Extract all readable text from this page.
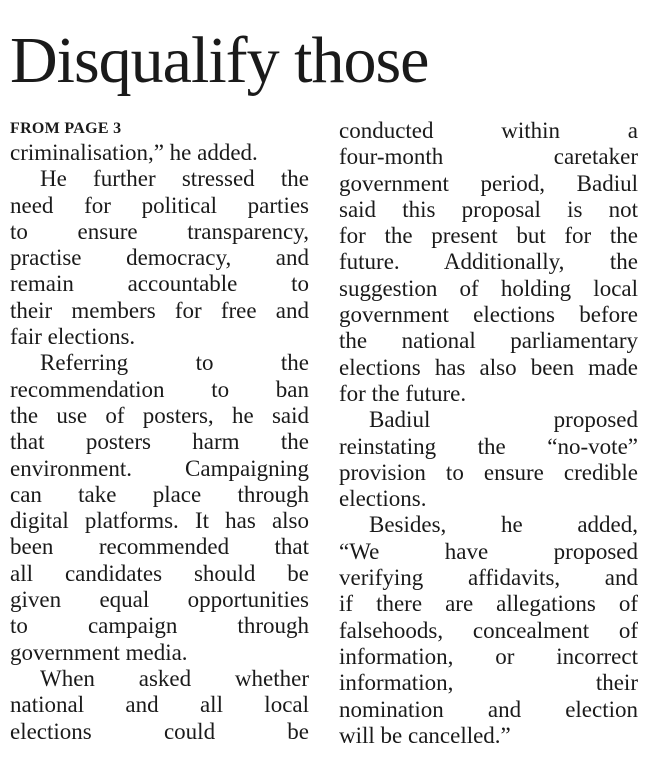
Disqualify those
FROM PAGE 3
criminalisation,” he added.
He further stressed the
need for political parties
to ensure transparency,
practise democracy, and
remain accountable to
their members for free and
fair elections.
Referring to the
recommendation to ban
the use of posters, he said
that posters harm the
environment. Campaigning
can take place through
digital platforms. It has also
been recommended that
all candidates should be
given equal opportunities
to campaign through
government media.
When asked whether
national and all local
elections could be
conducted within a
four-month caretaker
government period, Badiul
said this proposal is not
for the present but for the
future. Additionally, the
suggestion of holding local
government elections before
the national parliamentary
elections has also been made
for the future.
Badiul proposed
reinstating the “no-vote”
provision to ensure credible
elections.
Besides, he added,
“We have proposed
verifying affidavits, and
if there are allegations of
falsehoods, concealment of
information, or incorrect
information, their
nomination and election
will be cancelled.”
